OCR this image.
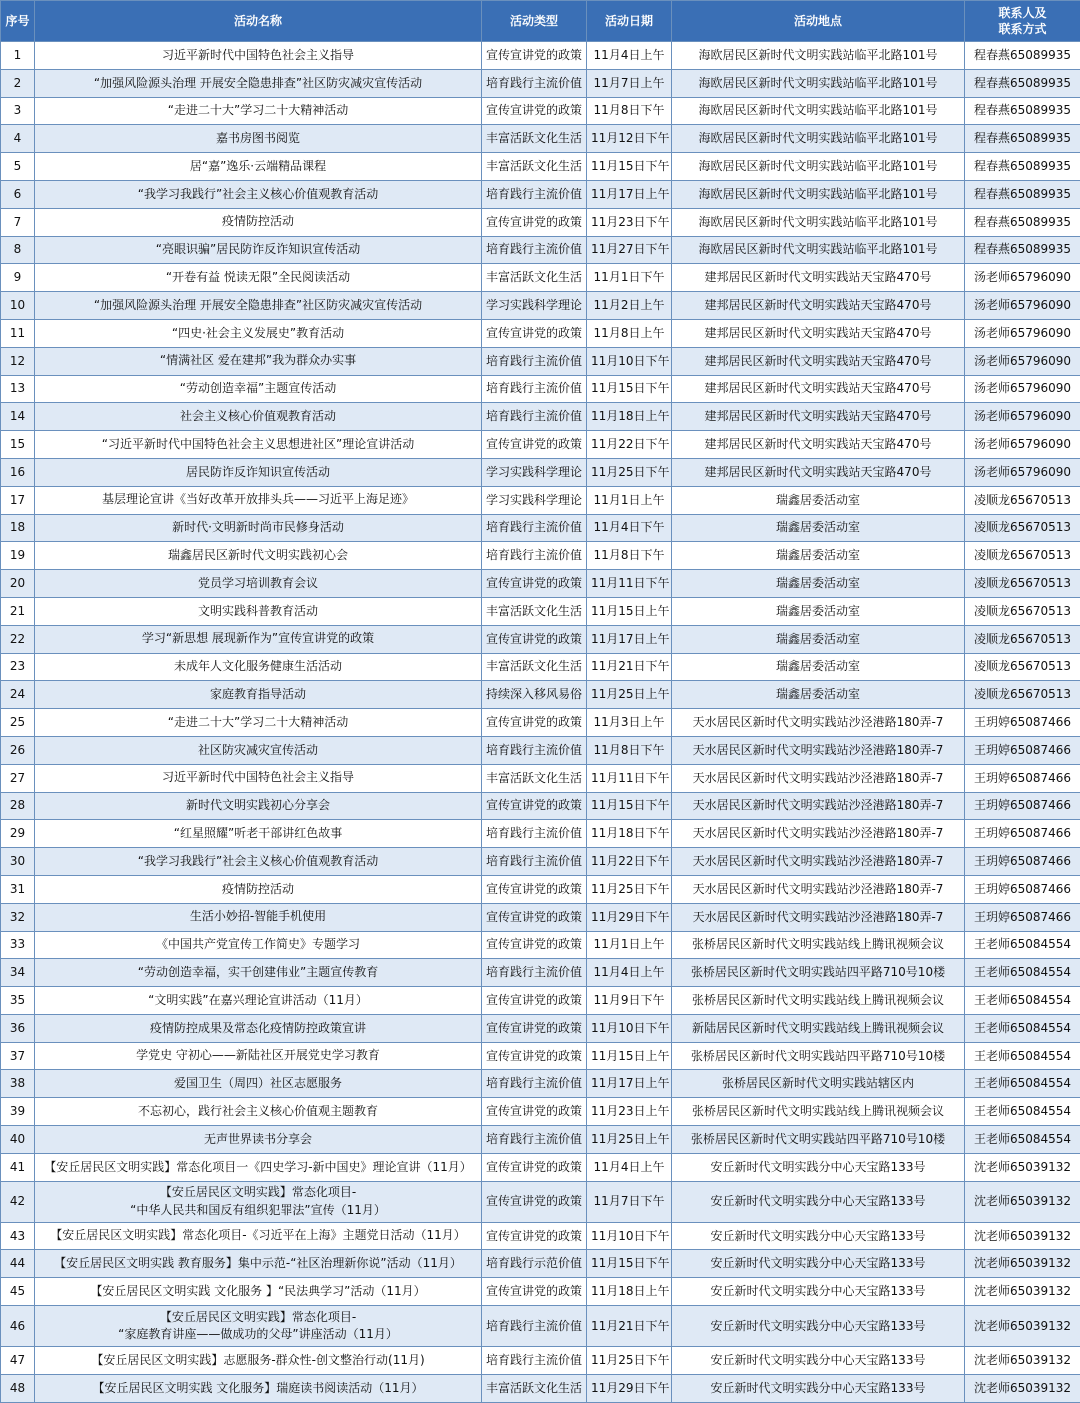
序号	活动名称	活动类型	活动日期	活动地点	联系人及
联系方式

1	习近平新时代中国特色社会主义指导	宣传宣讲党的政策	11月4日上午	海欧居民区新时代文明实践站临平北路101号	程春燕65089935
2	“加强风险源头治理 开展安全隐患排查”社区防灾减灾宣传活动	培育践行主流价值	11月7日上午	海欧居民区新时代文明实践站临平北路101号	程春燕65089935
3	“走进二十大”学习二十大精神活动	宣传宣讲党的政策	11月8日下午	海欧居民区新时代文明实践站临平北路101号	程春燕65089935
4	嘉书房图书阅览	丰富活跃文化生活	11月12日下午	海欧居民区新时代文明实践站临平北路101号	程春燕65089935
5	居“嘉”逸乐·云端精品课程	丰富活跃文化生活	11月15日下午	海欧居民区新时代文明实践站临平北路101号	程春燕65089935
6	“我学习我践行”社会主义核心价值观教育活动	培育践行主流价值	11月17日上午	海欧居民区新时代文明实践站临平北路101号	程春燕65089935
7	疫情防控活动	宣传宣讲党的政策	11月23日下午	海欧居民区新时代文明实践站临平北路101号	程春燕65089935
8	“亮眼识骗”居民防诈反诈知识宣传活动	培育践行主流价值	11月27日下午	海欧居民区新时代文明实践站临平北路101号	程春燕65089935
9	“开卷有益 悦读无限”全民阅读活动	丰富活跃文化生活	11月1日下午	建邦居民区新时代文明实践站天宝路470号	汤老师65796090
10	“加强风险源头治理 开展安全隐患排查”社区防灾减灾宣传活动	学习实践科学理论	11月2日上午	建邦居民区新时代文明实践站天宝路470号	汤老师65796090
11	“四史·社会主义发展史”教育活动	宣传宣讲党的政策	11月8日上午	建邦居民区新时代文明实践站天宝路470号	汤老师65796090
12	“情满社区 爱在建邦”我为群众办实事	培育践行主流价值	11月10日下午	建邦居民区新时代文明实践站天宝路470号	汤老师65796090
13	“劳动创造幸福”主题宣传活动	培育践行主流价值	11月15日下午	建邦居民区新时代文明实践站天宝路470号	汤老师65796090
14	社会主义核心价值观教育活动	培育践行主流价值	11月18日上午	建邦居民区新时代文明实践站天宝路470号	汤老师65796090
15	“习近平新时代中国特色社会主义思想进社区”理论宣讲活动	宣传宣讲党的政策	11月22日下午	建邦居民区新时代文明实践站天宝路470号	汤老师65796090
16	居民防诈反诈知识宣传活动	学习实践科学理论	11月25日下午	建邦居民区新时代文明实践站天宝路470号	汤老师65796090
17	基层理论宣讲《当好改革开放排头兵——习近平上海足迹》	学习实践科学理论	11月1日上午	瑞鑫居委活动室	凌顺龙65670513
18	新时代·文明新时尚市民修身活动	培育践行主流价值	11月4日下午	瑞鑫居委活动室	凌顺龙65670513
19	瑞鑫居民区新时代文明实践初心会	培育践行主流价值	11月8日下午	瑞鑫居委活动室	凌顺龙65670513
20	党员学习培训教育会议	宣传宣讲党的政策	11月11日下午	瑞鑫居委活动室	凌顺龙65670513
21	文明实践科普教育活动	丰富活跃文化生活	11月15日上午	瑞鑫居委活动室	凌顺龙65670513
22	学习“新思想 展现新作为”宣传宣讲党的政策	宣传宣讲党的政策	11月17日上午	瑞鑫居委活动室	凌顺龙65670513
23	未成年人文化服务健康生活活动	丰富活跃文化生活	11月21日下午	瑞鑫居委活动室	凌顺龙65670513
24	家庭教育指导活动	持续深入移风易俗	11月25日上午	瑞鑫居委活动室	凌顺龙65670513
25	“走进二十大”学习二十大精神活动	宣传宣讲党的政策	11月3日上午	天水居民区新时代文明实践站沙泾港路180弄-7	王玥婷65087466
26	社区防灾减灾宣传活动	培育践行主流价值	11月8日下午	天水居民区新时代文明实践站沙泾港路180弄-7	王玥婷65087466
27	习近平新时代中国特色社会主义指导	丰富活跃文化生活	11月11日下午	天水居民区新时代文明实践站沙泾港路180弄-7	王玥婷65087466
28	新时代文明实践初心分享会	宣传宣讲党的政策	11月15日下午	天水居民区新时代文明实践站沙泾港路180弄-7	王玥婷65087466
29	“红星照耀”听老干部讲红色故事	培育践行主流价值	11月18日下午	天水居民区新时代文明实践站沙泾港路180弄-7	王玥婷65087466
30	“我学习我践行”社会主义核心价值观教育活动	培育践行主流价值	11月22日下午	天水居民区新时代文明实践站沙泾港路180弄-7	王玥婷65087466
31	疫情防控活动	宣传宣讲党的政策	11月25日下午	天水居民区新时代文明实践站沙泾港路180弄-7	王玥婷65087466
32	生活小妙招-智能手机使用	宣传宣讲党的政策	11月29日下午	天水居民区新时代文明实践站沙泾港路180弄-7	王玥婷65087466
33	《中国共产党宣传工作简史》专题学习	宣传宣讲党的政策	11月1日上午	张桥居民区新时代文明实践站线上腾讯视频会议	王老师65084554
34	“劳动创造幸福，实干创建伟业”主题宣传教育	培育践行主流价值	11月4日上午	张桥居民区新时代文明实践站四平路710号10楼	王老师65084554
35	“文明实践”在嘉兴理论宣讲活动（11月）	宣传宣讲党的政策	11月9日下午	张桥居民区新时代文明实践站线上腾讯视频会议	王老师65084554
36	疫情防控成果及常态化疫情防控政策宣讲	宣传宣讲党的政策	11月10日下午	新陆居民区新时代文明实践站线上腾讯视频会议	王老师65084554
37	学党史 守初心——新陆社区开展党史学习教育	宣传宣讲党的政策	11月15日上午	张桥居民区新时代文明实践站四平路710号10楼	王老师65084554
38	爱国卫生（周四）社区志愿服务	培育践行主流价值	11月17日上午	张桥居民区新时代文明实践站辖区内	王老师65084554
39	不忘初心，践行社会主义核心价值观主题教育	宣传宣讲党的政策	11月23日上午	张桥居民区新时代文明实践站线上腾讯视频会议	王老师65084554
40	无声世界读书分享会	培育践行主流价值	11月25日上午	张桥居民区新时代文明实践站四平路710号10楼	王老师65084554
41	【安丘居民区文明实践】常态化项目一《四史学习-新中国史》理论宣讲（11月）	宣传宣讲党的政策	11月4日上午	安丘新时代文明实践分中心天宝路133号	沈老师65039132
42	【安丘居民区文明实践】常态化项目-
“中华人民共和国反有组织犯罪法”宣传（11月）	宣传宣讲党的政策	11月7日下午	安丘新时代文明实践分中心天宝路133号	沈老师65039132
43	【安丘居民区文明实践】常态化项目-《习近平在上海》主题党日活动（11月）	宣传宣讲党的政策	11月10日下午	安丘新时代文明实践分中心天宝路133号	沈老师65039132
44	【安丘居民区文明实践 教育服务】集中示范-“社区治理新你说”活动（11月）	培育践行示范价值	11月15日下午	安丘新时代文明实践分中心天宝路133号	沈老师65039132
45	【安丘居民区文明实践 文化服务 】“民法典学习”活动（11月）	宣传宣讲党的政策	11月18日上午	安丘新时代文明实践分中心天宝路133号	沈老师65039132
46	【安丘居民区文明实践】常态化项目-
“家庭教育讲座——做成功的父母”讲座活动（11月）	培育践行主流价值	11月21日下午	安丘新时代文明实践分中心天宝路133号	沈老师65039132
47	【安丘居民区文明实践】志愿服务-群众性-创文整治行动(11月)	培育践行主流价值	11月25日下午	安丘新时代文明实践分中心天宝路133号	沈老师65039132
48	【安丘居民区文明实践 文化服务】瑞庭读书阅读活动（11月）	丰富活跃文化生活	11月29日下午	安丘新时代文明实践分中心天宝路133号	沈老师65039132
